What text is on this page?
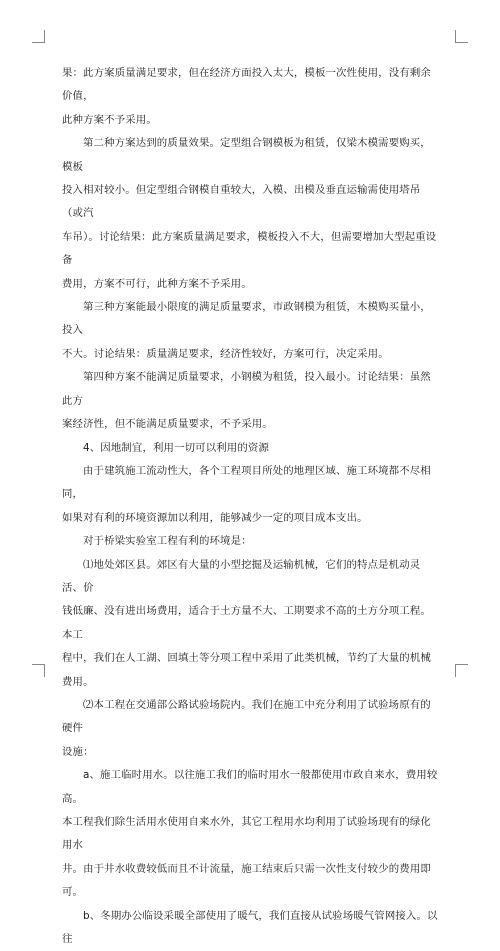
果：此方案质量满足要求，但在经济方面投入太大，模板一次性使用，没有剩余价值，

此种方案不予采用。

第二种方案达到的质量效果。定型组合钢模板为租赁，仅梁木模需要购买，模板

投入相对较小。但定型组合钢模自重较大，入模、出模及垂直运输需使用塔吊（或汽

车吊）。讨论结果：此方案质量满足要求，模板投入不大，但需要增加大型起重设备

费用，方案不可行，此种方案不予采用。

第三种方案能最小限度的满足质量要求，市政钢模为租赁，木模购买量小，投入

不大。讨论结果：质量满足要求，经济性较好，方案可行，决定采用。

第四种方案不能满足质量要求，小钢模为租赁，投入最小。讨论结果：虽然此方

案经济性，但不能满足质量要求，不予采用。

4、因地制宜，利用一切可以利用的资源

由于建筑施工流动性大，各个工程项目所处的地理区域、施工环境都不尽相同，

如果对有利的环境资源加以利用，能够减少一定的项目成本支出。

对于桥梁实验室工程有利的环境是：

⑴地处郊区县。郊区有大量的小型挖掘及运输机械，它们的特点是机动灵活、价

钱低廉、没有进出场费用，适合于土方量不大、工期要求不高的土方分项工程。本工

程中，我们在人工湖、回填土等分项工程中采用了此类机械，节约了大量的机械费用。

⑵本工程在交通部公路试验场院内。我们在施工中充分利用了试验场原有的硬件

设施：

a、施工临时用水。以往施工我们的临时用水一般都使用市政自来水，费用较高。

本工程我们除生活用水使用自来水外，其它工程用水均利用了试验场现有的绿化用水

井。由于井水收费较低而且不计流量，施工结束后只需一次性支付较少的费用即可。

b、冬期办公临设采暖全部使用了暖气，我们直接从试验场暖气管网接入。以往
